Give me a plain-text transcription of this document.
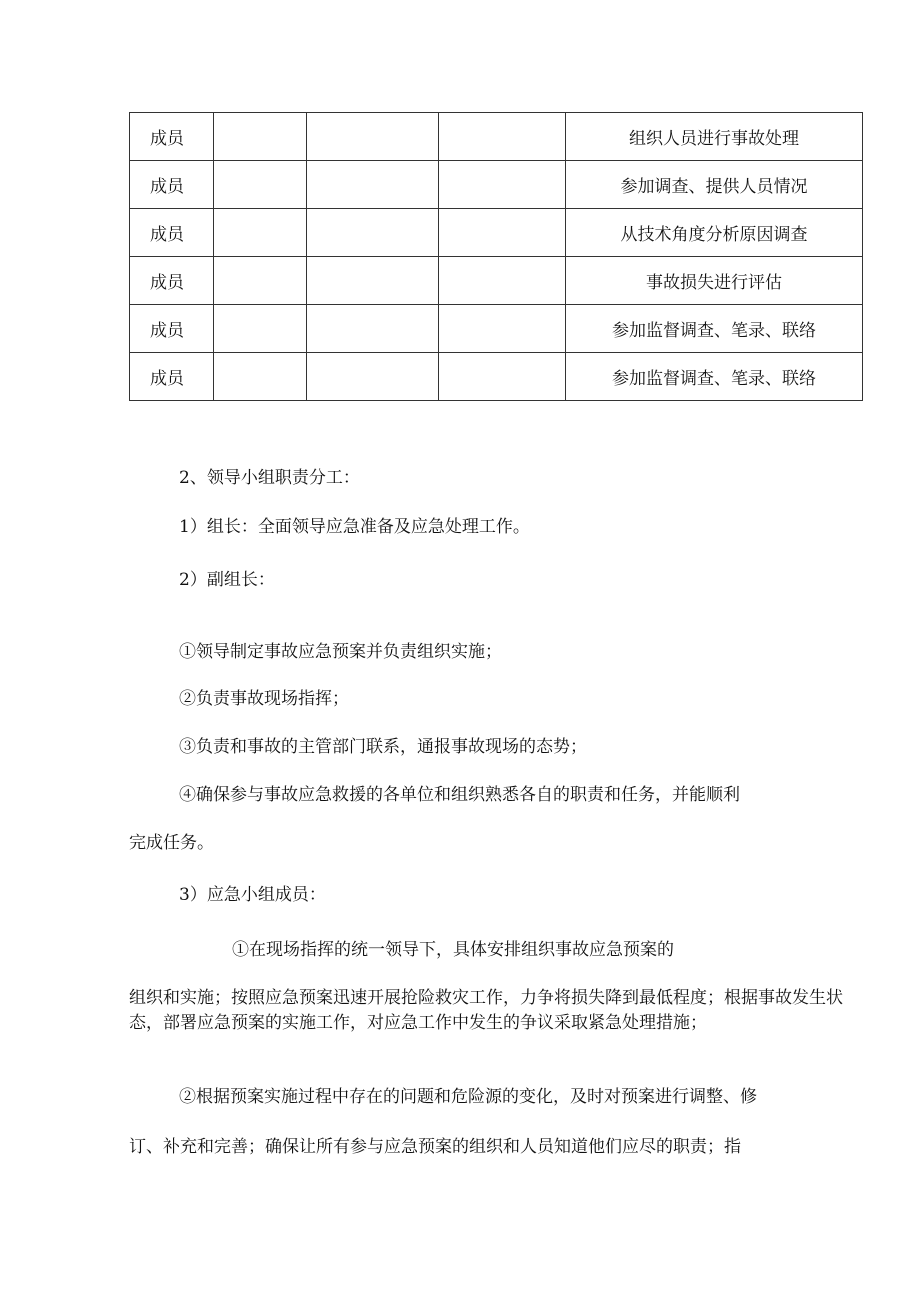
成员				组织人员进行事故处理
成员				参加调查、提供人员情况
成员				从技术角度分析原因调查
成员				事故损失进行评估
成员				参加监督调查、笔录、联络
成员				参加监督调查、笔录、联络

2、领导小组职责分工：

1）组长：全面领导应急准备及应急处理工作。

2）副组长：

①领导制定事故应急预案并负责组织实施；

②负责事故现场指挥；

③负责和事故的主管部门联系，通报事故现场的态势；

④确保参与事故应急救援的各单位和组织熟悉各自的职责和任务，并能顺利

完成任务。

3）应急小组成员：

①在现场指挥的统一领导下，具体安排组织事故应急预案的

组织和实施；按照应急预案迅速开展抢险救灾工作，力争将损失降到最低程度；根据事故发生状态，部署应急预案的实施工作，对应急工作中发生的争议采取紧急处理措施；

②根据预案实施过程中存在的问题和危险源的变化，及时对预案进行调整、修

订、补充和完善；确保让所有参与应急预案的组织和人员知道他们应尽的职责；指
